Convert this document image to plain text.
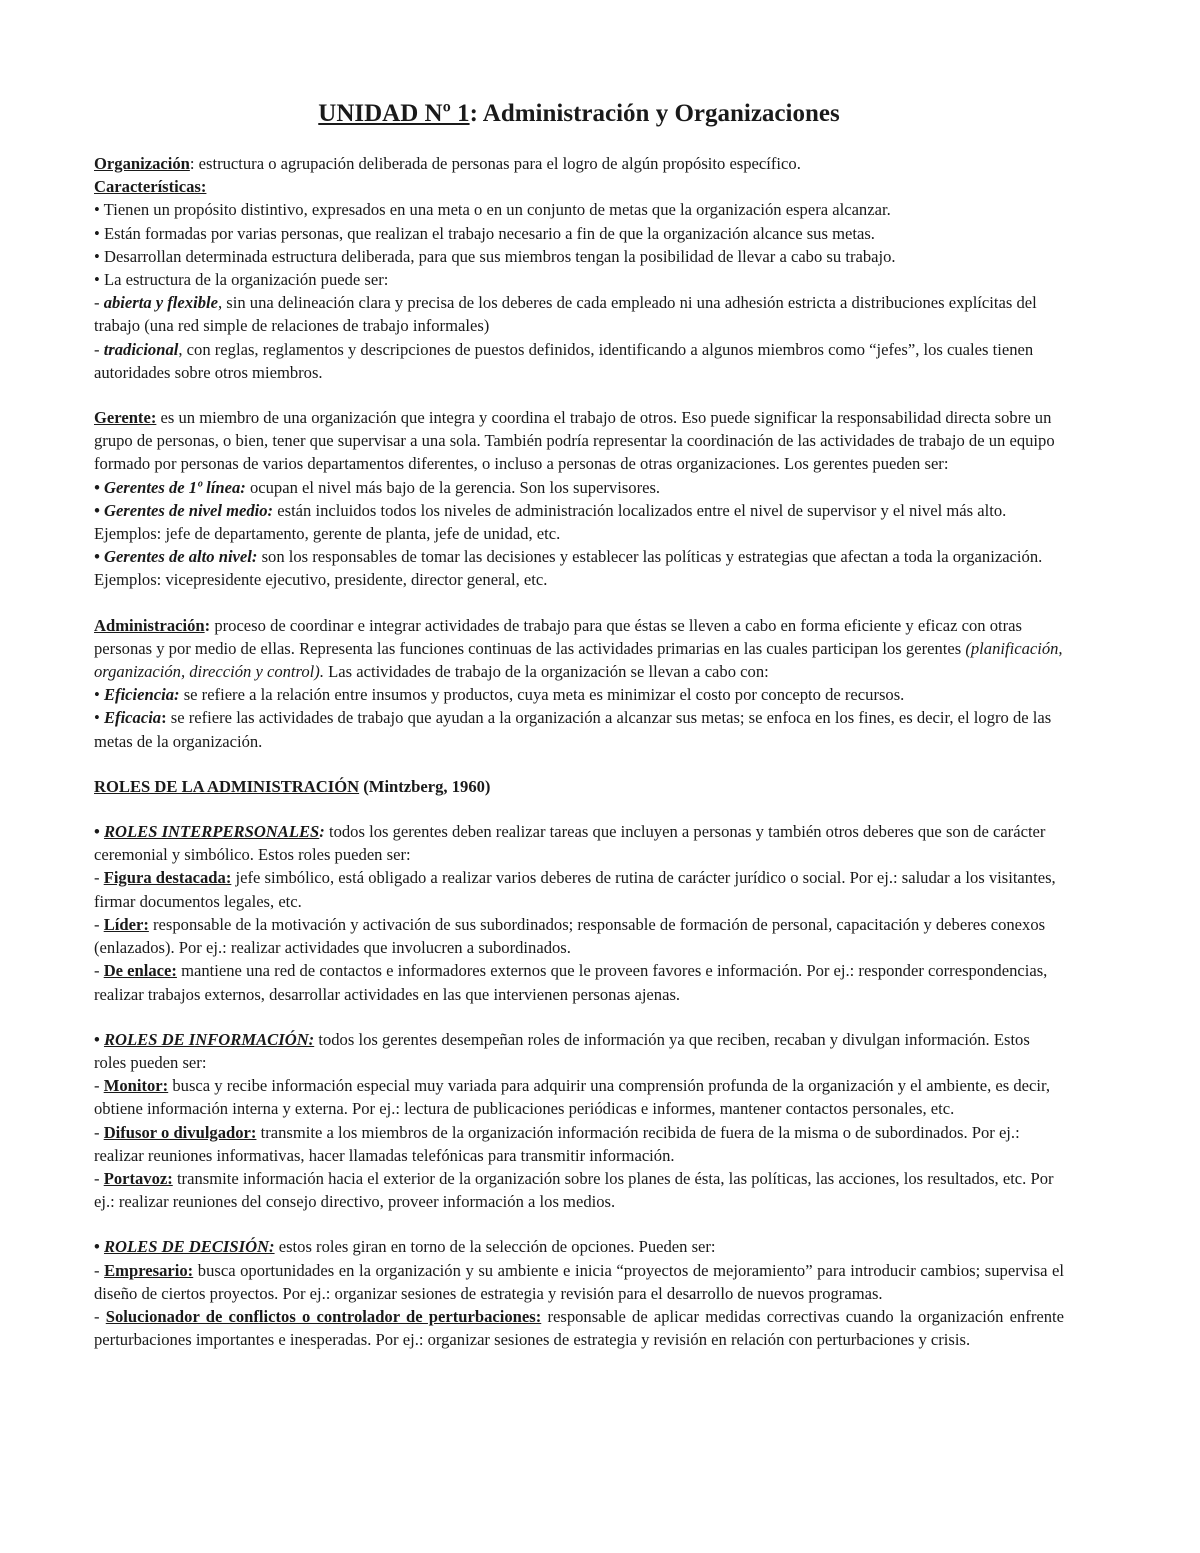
UNIDAD Nº 1: Administración y Organizaciones

Organización: estructura o agrupación deliberada de personas para el logro de algún propósito específico.

Características:

• Tienen un propósito distintivo, expresados en una meta o en un conjunto de metas que la organización espera alcanzar.

• Están formadas por varias personas, que realizan el trabajo necesario a fin de que la organización alcance sus metas.

• Desarrollan determinada estructura deliberada, para que sus miembros tengan la posibilidad de llevar a cabo su trabajo.

• La estructura de la organización puede ser:

- abierta y flexible, sin una delineación clara y precisa de los deberes de cada empleado ni una adhesión estricta a distribuciones explícitas del trabajo (una red simple de relaciones de trabajo informales)

- tradicional, con reglas, reglamentos y descripciones de puestos definidos, identificando a algunos miembros como “jefes”, los cuales tienen autoridades sobre otros miembros.

Gerente: es un miembro de una organización que integra y coordina el trabajo de otros. Eso puede significar la responsabilidad directa sobre un grupo de personas, o bien, tener que supervisar a una sola. También podría representar la coordinación de las actividades de trabajo de un equipo formado por personas de varios departamentos diferentes, o incluso a personas de otras organizaciones. Los gerentes pueden ser:

• Gerentes de 1º línea: ocupan el nivel más bajo de la gerencia. Son los supervisores.

• Gerentes de nivel medio: están incluidos todos los niveles de administración localizados entre el nivel de supervisor y el nivel más alto. Ejemplos: jefe de departamento, gerente de planta, jefe de unidad, etc.

• Gerentes de alto nivel: son los responsables de tomar las decisiones y establecer las políticas y estrategias que afectan a toda la organización. Ejemplos: vicepresidente ejecutivo, presidente, director general, etc.

Administración: proceso de coordinar e integrar actividades de trabajo para que éstas se lleven a cabo en forma eficiente y eficaz con otras personas y por medio de ellas. Representa las funciones continuas de las actividades primarias en las cuales participan los gerentes (planificación, organización, dirección y control). Las actividades de trabajo de la organización se llevan a cabo con:

• Eficiencia: se refiere a la relación entre insumos y productos, cuya meta es minimizar el costo por concepto de recursos.

• Eficacia: se refiere las actividades de trabajo que ayudan a la organización a alcanzar sus metas; se enfoca en los fines, es decir, el logro de las metas de la organización.

ROLES DE LA ADMINISTRACIÓN (Mintzberg, 1960)

• ROLES INTERPERSONALES: todos los gerentes deben realizar tareas que incluyen a personas y también otros deberes que son de carácter ceremonial y simbólico. Estos roles pueden ser:

- Figura destacada: jefe simbólico, está obligado a realizar varios deberes de rutina de carácter jurídico o social. Por ej.: saludar a los visitantes, firmar documentos legales, etc.

- Líder: responsable de la motivación y activación de sus subordinados; responsable de formación de personal, capacitación y deberes conexos (enlazados). Por ej.: realizar actividades que involucren a subordinados.

- De enlace: mantiene una red de contactos e informadores externos que le proveen favores e información. Por ej.: responder correspondencias, realizar trabajos externos, desarrollar actividades en las que intervienen personas ajenas.

• ROLES DE INFORMACIÓN: todos los gerentes desempeñan roles de información ya que reciben, recaban y divulgan información. Estos roles pueden ser:

- Monitor: busca y recibe información especial muy variada para adquirir una comprensión profunda de la organización y el ambiente, es decir, obtiene información interna y externa. Por ej.: lectura de publicaciones periódicas e informes, mantener contactos personales, etc.

- Difusor o divulgador: transmite a los miembros de la organización información recibida de fuera de la misma o de subordinados. Por ej.: realizar reuniones informativas, hacer llamadas telefónicas para transmitir información.

- Portavoz: transmite información hacia el exterior de la organización sobre los planes de ésta, las políticas, las acciones, los resultados, etc. Por ej.: realizar reuniones del consejo directivo, proveer información a los medios.

• ROLES DE DECISIÓN: estos roles giran en torno de la selección de opciones. Pueden ser:

- Empresario: busca oportunidades en la organización y su ambiente e inicia “proyectos de mejoramiento” para introducir cambios; supervisa el diseño de ciertos proyectos. Por ej.: organizar sesiones de estrategia y revisión para el desarrollo de nuevos programas.

- Solucionador de conflictos o controlador de perturbaciones: responsable de aplicar medidas correctivas cuando la organización enfrente perturbaciones importantes e inesperadas. Por ej.: organizar sesiones de estrategia y revisión en relación con perturbaciones y crisis.
